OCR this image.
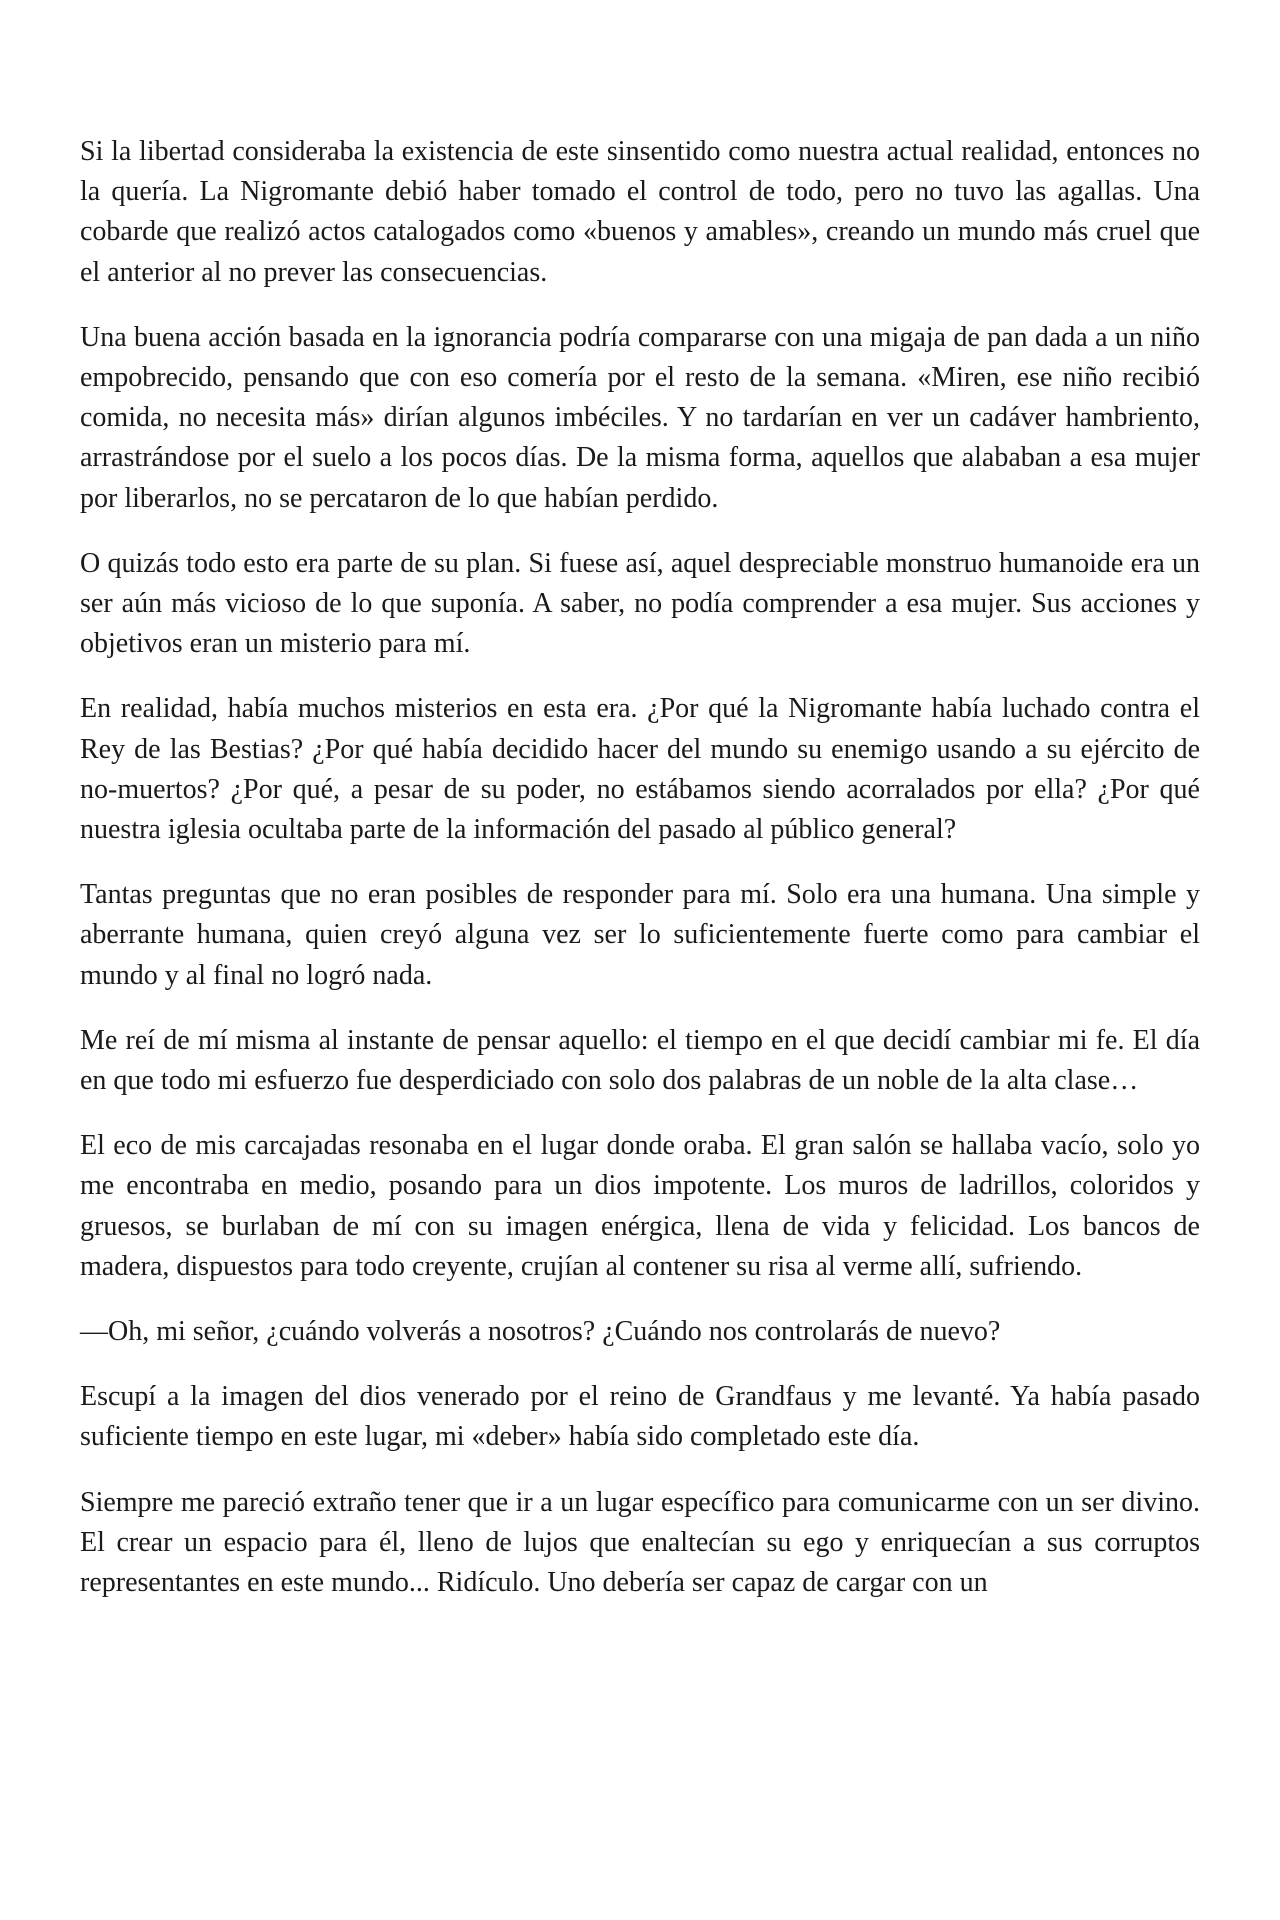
Si la libertad consideraba la existencia de este sinsentido como nuestra actual realidad, entonces no la quería. La Nigromante debió haber tomado el control de todo, pero no tuvo las agallas. Una cobarde que realizó actos catalogados como «buenos y amables», creando un mundo más cruel que el anterior al no prever las consecuencias.

Una buena acción basada en la ignorancia podría compararse con una migaja de pan dada a un niño empobrecido, pensando que con eso comería por el resto de la semana. «Miren, ese niño recibió comida, no necesita más» dirían algunos imbéciles. Y no tardarían en ver un cadáver hambriento, arrastrándose por el suelo a los pocos días. De la misma forma, aquellos que alababan a esa mujer por liberarlos, no se percataron de lo que habían perdido.

O quizás todo esto era parte de su plan. Si fuese así, aquel despreciable monstruo humanoide era un ser aún más vicioso de lo que suponía. A saber, no podía comprender a esa mujer. Sus acciones y objetivos eran un misterio para mí.

En realidad, había muchos misterios en esta era. ¿Por qué la Nigromante había luchado contra el Rey de las Bestias? ¿Por qué había decidido hacer del mundo su enemigo usando a su ejército de no-muertos? ¿Por qué, a pesar de su poder, no estábamos siendo acorralados por ella? ¿Por qué nuestra iglesia ocultaba parte de la información del pasado al público general?

Tantas preguntas que no eran posibles de responder para mí. Solo era una humana. Una simple y aberrante humana, quien creyó alguna vez ser lo suficientemente fuerte como para cambiar el mundo y al final no logró nada.

Me reí de mí misma al instante de pensar aquello: el tiempo en el que decidí cambiar mi fe. El día en que todo mi esfuerzo fue desperdiciado con solo dos palabras de un noble de la alta clase…

El eco de mis carcajadas resonaba en el lugar donde oraba. El gran salón se hallaba vacío, solo yo me encontraba en medio, posando para un dios impotente. Los muros de ladrillos, coloridos y gruesos, se burlaban de mí con su imagen enérgica, llena de vida y felicidad. Los bancos de madera, dispuestos para todo creyente, crujían al contener su risa al verme allí, sufriendo.

—Oh, mi señor, ¿cuándo volverás a nosotros? ¿Cuándo nos controlarás de nuevo?

Escupí a la imagen del dios venerado por el reino de Grandfaus y me levanté. Ya había pasado suficiente tiempo en este lugar, mi «deber» había sido completado este día.

Siempre me pareció extraño tener que ir a un lugar específico para comunicarme con un ser divino. El crear un espacio para él, lleno de lujos que enaltecían su ego y enriquecían a sus corruptos representantes en este mundo... Ridículo. Uno debería ser capaz de cargar con un
